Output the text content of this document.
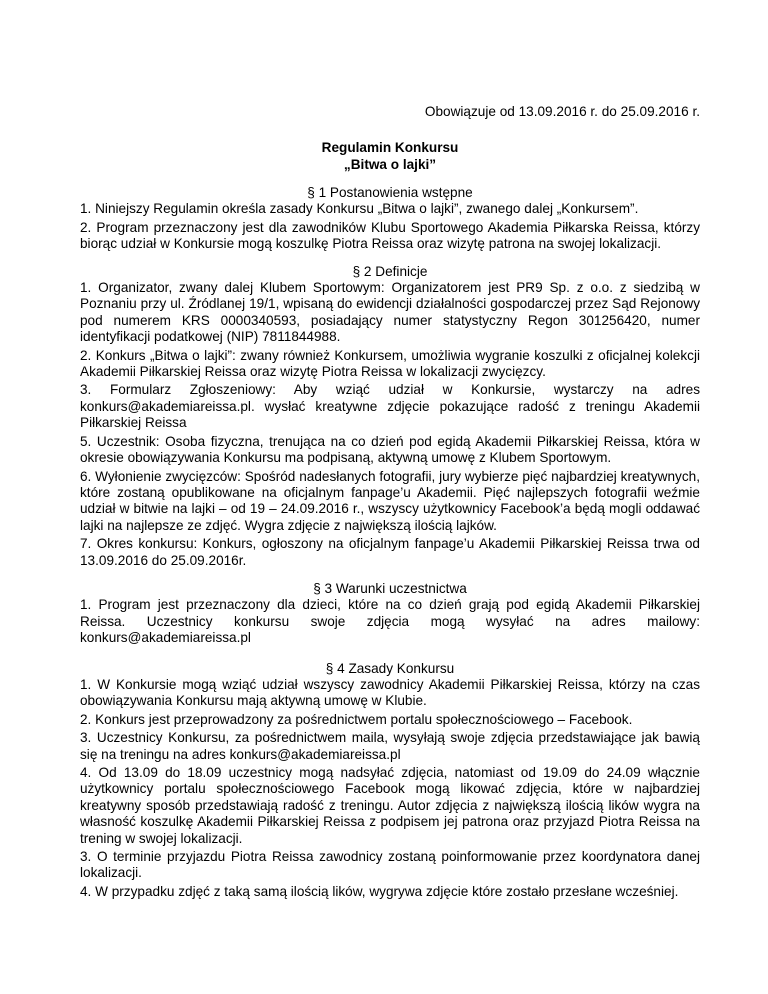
Obowiązuje od 13.09.2016 r. do 25.09.2016 r.
Regulamin Konkursu
„Bitwa o lajki”
§ 1 Postanowienia wstępne

1. Niniejszy Regulamin określa zasady Konkursu „Bitwa o lajki”, zwanego dalej „Konkursem”.

2. Program przeznaczony jest dla zawodników Klubu Sportowego Akademia Piłkarska Reissa, którzy biorąc udział w Konkursie mogą koszulkę Piotra Reissa oraz wizytę patrona na swojej lokalizacji.

§ 2 Definicje

1. Organizator, zwany dalej Klubem Sportowym: Organizatorem jest PR9 Sp. z o.o. z siedzibą w Poznaniu przy ul. Źródlanej 19/1, wpisaną do ewidencji działalności gospodarczej przez Sąd Rejonowy pod numerem KRS 0000340593, posiadający numer statystyczny Regon 301256420, numer identyfikacji podatkowej (NIP) 7811844988.

2. Konkurs „Bitwa o lajki”: zwany również Konkursem, umożliwia wygranie koszulki z oficjalnej kolekcji Akademii Piłkarskiej Reissa oraz wizytę Piotra Reissa w lokalizacji zwycięzcy.

3. Formularz Zgłoszeniowy: Aby wziąć udział w Konkursie, wystarczy na adres konkurs@akademiareissa.pl. wysłać kreatywne zdjęcie pokazujące radość z treningu Akademii Piłkarskiej Reissa

5. Uczestnik: Osoba fizyczna, trenująca na co dzień pod egidą Akademii Piłkarskiej Reissa, która w okresie obowiązywania Konkursu ma podpisaną, aktywną umowę z Klubem Sportowym.

6. Wyłonienie zwycięzców: Spośród nadesłanych fotografii, jury wybierze pięć najbardziej kreatywnych, które zostaną opublikowane na oficjalnym fanpage’u Akademii. Pięć najlepszych fotografii weźmie udział w bitwie na lajki – od 19 – 24.09.2016 r., wszyscy użytkownicy Facebook’a będą mogli oddawać lajki na najlepsze ze zdjęć. Wygra zdjęcie z największą ilością lajków.

7. Okres konkursu: Konkurs, ogłoszony na oficjalnym fanpage’u Akademii Piłkarskiej Reissa trwa od 13.09.2016 do 25.09.2016r.

§ 3 Warunki uczestnictwa

1. Program jest przeznaczony dla dzieci, które na co dzień grają pod egidą Akademii Piłkarskiej Reissa. Uczestnicy konkursu swoje zdjęcia mogą wysyłać na adres mailowy: konkurs@akademiareissa.pl

§ 4 Zasady Konkursu

1. W Konkursie mogą wziąć udział wszyscy zawodnicy Akademii Piłkarskiej Reissa, którzy na czas obowiązywania Konkursu mają aktywną umowę w Klubie.

2. Konkurs jest przeprowadzony za pośrednictwem portalu społecznościowego – Facebook.

3. Uczestnicy Konkursu, za pośrednictwem maila, wysyłają swoje zdjęcia przedstawiające jak bawią się na treningu na adres konkurs@akademiareissa.pl

4. Od 13.09 do 18.09 uczestnicy mogą nadsyłać zdjęcia, natomiast od 19.09 do 24.09 włącznie użytkownicy portalu społecznościowego Facebook mogą likować zdjęcia, które w najbardziej kreatywny sposób przedstawiają radość z treningu. Autor zdjęcia z największą ilością lików wygra na własność koszulkę Akademii Piłkarskiej Reissa z podpisem jej patrona oraz przyjazd Piotra Reissa na trening w swojej lokalizacji.

3. O terminie przyjazdu Piotra Reissa zawodnicy zostaną poinformowanie przez koordynatora danej lokalizacji.

4. W przypadku zdjęć z taką samą ilością lików, wygrywa zdjęcie które zostało przesłane wcześniej.
